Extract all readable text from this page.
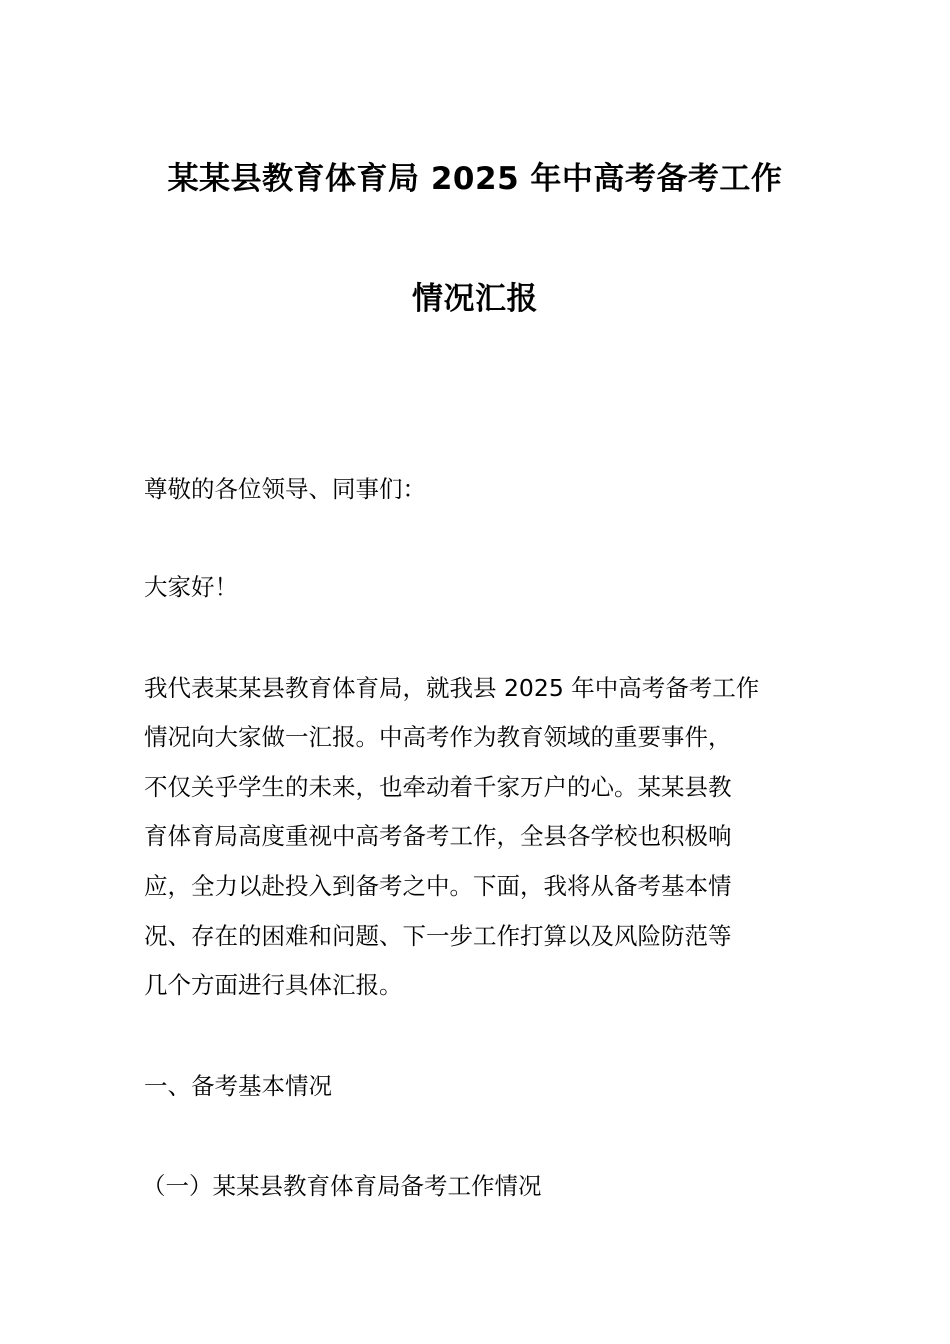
某某县教育体育局 2025 年中高考备考工作
情况汇报
尊敬的各位领导、同事们：
大家好！
我代表某某县教育体育局，就我县 2025 年中高考备考工作
情况向大家做一汇报。中高考作为教育领域的重要事件，
不仅关乎学生的未来，也牵动着千家万户的心。某某县教
育体育局高度重视中高考备考工作，全县各学校也积极响
应，全力以赴投入到备考之中。下面，我将从备考基本情
况、存在的困难和问题、下一步工作打算以及风险防范等
几个方面进行具体汇报。
一、备考基本情况
（一）某某县教育体育局备考工作情况
